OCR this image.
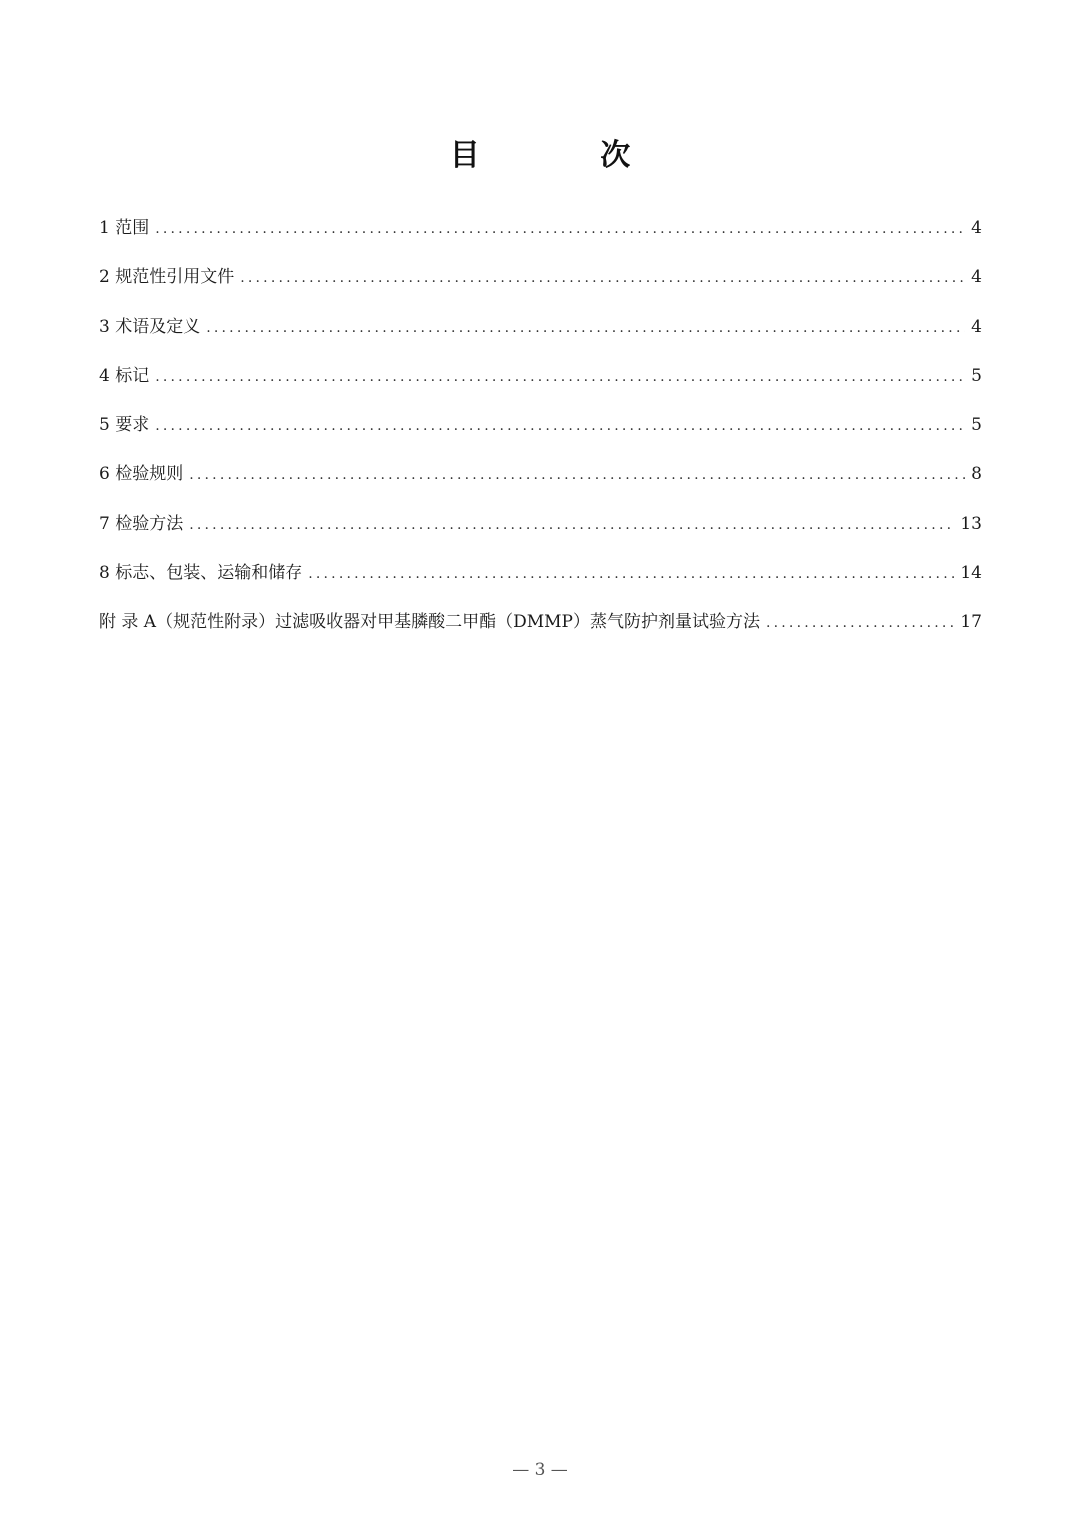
目 次
1 范围 .....	4
2 规范性引用文件 .....	4
3 术语及定义 .....	4
4 标记 .....	5
5 要求 .....	5
6 检验规则 .....	8
7 检验方法 .....	13
8 标志、包装、运输和储存 .....	14
附 录 A（规范性附录）过滤吸收器对甲基膦酸二甲酯（DMMP）蒸气防护剂量试验方法 .....	17
— 3 —
